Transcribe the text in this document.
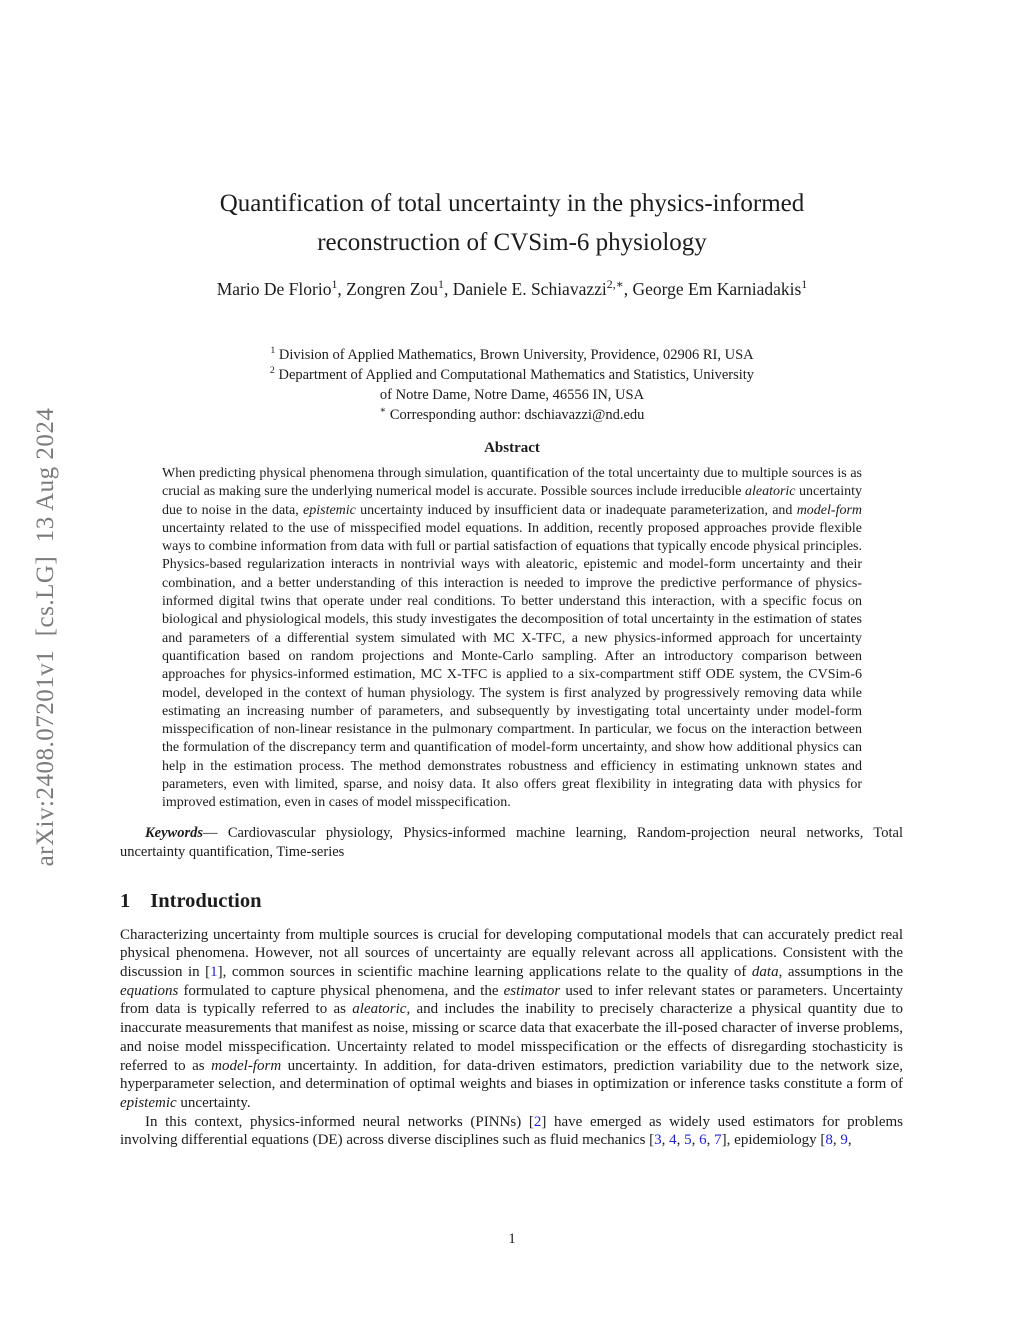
arXiv:2408.07201v1  [cs.LG]  13 Aug 2024
Quantification of total uncertainty in the physics-informed
reconstruction of CVSim-6 physiology
Mario De Florio$^1$, Zongren Zou$^1$, Daniele E. Schiavazzi$^{2,∗}$, George Em Karniadakis$^1$
$^1$ Division of Applied Mathematics, Brown University, Providence, 02906 RI, USA
$^2$ Department of Applied and Computational Mathematics and Statistics, University
of Notre Dame, Notre Dame, 46556 IN, USA
∗ Corresponding author: dschiavazzi@nd.edu
Abstract

When predicting physical phenomena through simulation, quantification of the total uncertainty due to multiple sources is as crucial as making sure the underlying numerical model is accurate. Possible sources include irreducible aleatoric uncertainty due to noise in the data, epistemic uncertainty induced by insufficient data or inadequate parameterization, and model-form uncertainty related to the use of misspecified model equations. In addition, recently proposed approaches provide flexible ways to combine information from data with full or partial satisfaction of equations that typically encode physical principles. Physics-based regularization interacts in nontrivial ways with aleatoric, epistemic and model-form uncertainty and their combination, and a better understanding of this interaction is needed to improve the predictive performance of physics-informed digital twins that operate under real conditions. To better understand this interaction, with a specific focus on biological and physiological models, this study investigates the decomposition of total uncertainty in the estimation of states and parameters of a differential system simulated with MC X-TFC, a new physics-informed approach for uncertainty quantification based on random projections and Monte-Carlo sampling. After an introductory comparison between approaches for physics-informed estimation, MC X-TFC is applied to a six-compartment stiff ODE system, the CVSim-6 model, developed in the context of human physiology. The system is first analyzed by progressively removing data while estimating an increasing number of parameters, and subsequently by investigating total uncertainty under model-form misspecification of non-linear resistance in the pulmonary compartment. In particular, we focus on the interaction between the formulation of the discrepancy term and quantification of model-form uncertainty, and show how additional physics can help in the estimation process. The method demonstrates robustness and efficiency in estimating unknown states and parameters, even with limited, sparse, and noisy data. It also offers great flexibility in integrating data with physics for improved estimation, even in cases of model misspecification.

Keywords— Cardiovascular physiology, Physics-informed machine learning, Random-projection neural networks, Total uncertainty quantification, Time-series

1 Introduction

Characterizing uncertainty from multiple sources is crucial for developing computational models that can accurately predict real physical phenomena. However, not all sources of uncertainty are equally relevant across all applications. Consistent with the discussion in [1], common sources in scientific machine learning applications relate to the quality of data, assumptions in the equations formulated to capture physical phenomena, and the estimator used to infer relevant states or parameters. Uncertainty from data is typically referred to as aleatoric, and includes the inability to precisely characterize a physical quantity due to inaccurate measurements that manifest as noise, missing or scarce data that exacerbate the ill-posed character of inverse problems, and noise model misspecification. Uncertainty related to model misspecification or the effects of disregarding stochasticity is referred to as model-form uncertainty. In addition, for data-driven estimators, prediction variability due to the network size, hyperparameter selection, and determination of optimal weights and biases in optimization or inference tasks constitute a form of epistemic uncertainty.

In this context, physics-informed neural networks (PINNs) [2] have emerged as widely used estimators for problems involving differential equations (DE) across diverse disciplines such as fluid mechanics [3, 4, 5, 6, 7], epidemiology [8, 9,

1
